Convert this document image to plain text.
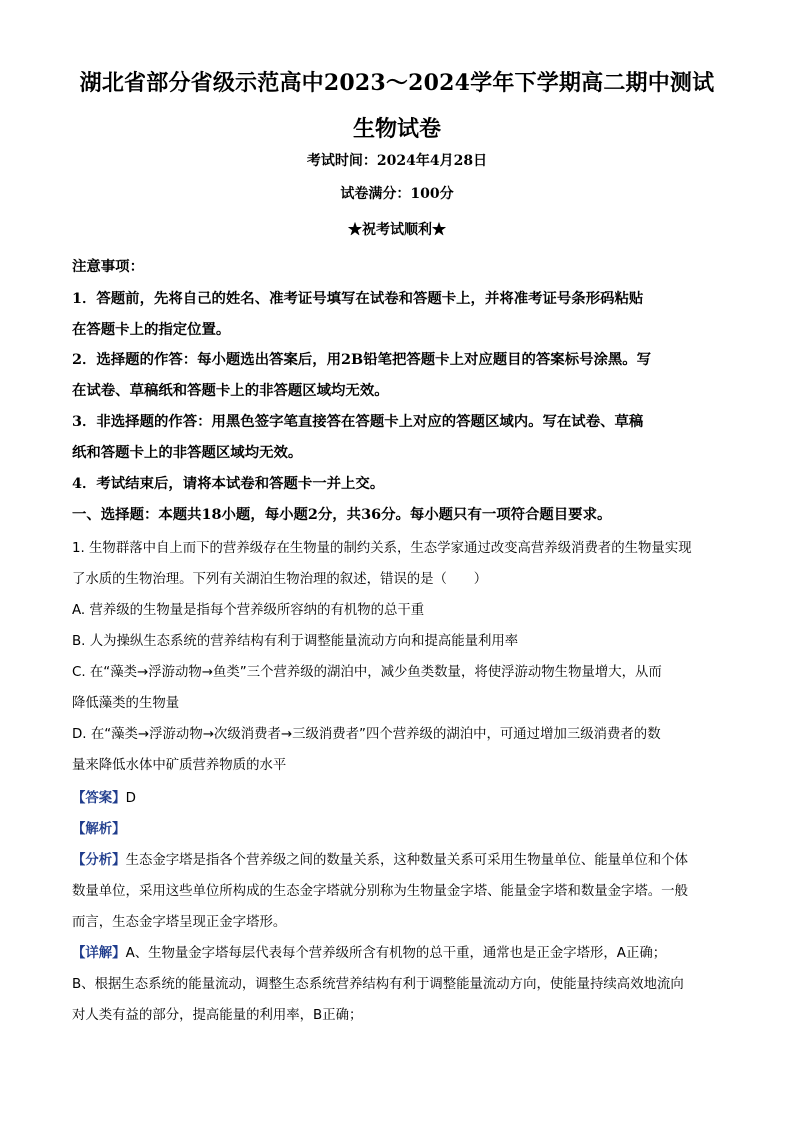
湖北省部分省级示范高中2023～2024学年下学期高二期中测试
生物试卷
考试时间：2024年4月28日
试卷满分：100分
★祝考试顺利★
注意事项：
1．答题前，先将自己的姓名、准考证号填写在试卷和答题卡上，并将准考证号条形码粘贴
在答题卡上的指定位置。
2．选择题的作答：每小题选出答案后，用2B铅笔把答题卡上对应题目的答案标号涂黑。写
在试卷、草稿纸和答题卡上的非答题区域均无效。
3．非选择题的作答：用黑色签字笔直接答在答题卡上对应的答题区域内。写在试卷、草稿
纸和答题卡上的非答题区域均无效。
4．考试结束后，请将本试卷和答题卡一并上交。
一、选择题：本题共18小题，每小题2分，共36分。每小题只有一项符合题目要求。
1. 生物群落中自上而下的营养级存在生物量的制约关系，生态学家通过改变高营养级消费者的生物量实现
了水质的生物治理。下列有关湖泊生物治理的叙述，错误的是（　　）
A. 营养级的生物量是指每个营养级所容纳的有机物的总干重
B. 人为操纵生态系统的营养结构有利于调整能量流动方向和提高能量利用率
C. 在“藻类→浮游动物→鱼类”三个营养级的湖泊中，减少鱼类数量，将使浮游动物生物量增大，从而
降低藻类的生物量
D. 在“藻类→浮游动物→次级消费者→三级消费者”四个营养级的湖泊中，可通过增加三级消费者的数
量来降低水体中矿质营养物质的水平
【答案】D
【解析】
【分析】生态金字塔是指各个营养级之间的数量关系，这种数量关系可采用生物量单位、能量单位和个体
数量单位，采用这些单位所构成的生态金字塔就分别称为生物量金字塔、能量金字塔和数量金字塔。一般
而言，生态金字塔呈现正金字塔形。
【详解】A、生物量金字塔每层代表每个营养级所含有机物的总干重，通常也是正金字塔形，A正确；
B、根据生态系统的能量流动，调整生态系统营养结构有利于调整能量流动方向，使能量持续高效地流向
对人类有益的部分，提高能量的利用率，B正确；
